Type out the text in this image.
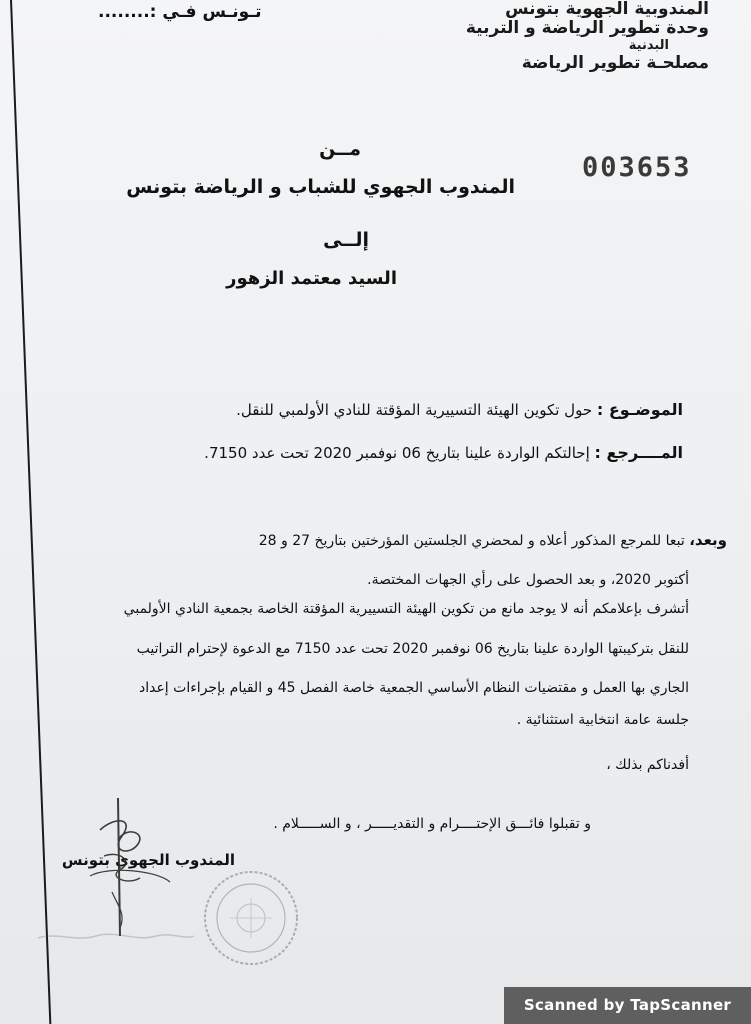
المندوبية الجهوية بتونس
وحدة تطوير الرياضة و التربية
البدنية
مصلحـة تطوير الرياضة
تـونـس فـي :........
003653
مــن
المندوب الجهوي للشباب و الرياضة بتونس
إلــى
السيد معتمد الزهور
الموضـوع : حول تكوين الهيئة التسييرية المؤقتة للنادي الأولمبي للنقل.
المــــرجع : إحالتكم الواردة علينا بتاريخ 06 نوفمبر 2020 تحت عدد 7150.
وبعد، تبعا للمرجع المذكور أعلاه و لمحضري الجلستين المؤرختين بتاريخ 27 و 28
أكتوبر 2020، و بعد الحصول على رأي الجهات المختصة.
أتشرف بإعلامكم أنه لا يوجد مانع من تكوين الهيئة التسييرية المؤقتة الخاصة بجمعية النادي الأولمبي
للنقل بتركيبتها الواردة علينا بتاريخ 06 نوفمبر 2020 تحت عدد 7150 مع الدعوة لإحترام التراتيب
الجاري بها العمل و مقتضيات النظام الأساسي الجمعية خاصة الفصل 45 و القيام بإجراءات إعداد
جلسة عامة انتخابية استثنائية .
أفدناكم بذلك ،
و تقبلوا فائـــق الإحتــــرام و التقديـــــر ، و الســـــلام .
المندوب الجهوي بتونس
Scanned by TapScanner
